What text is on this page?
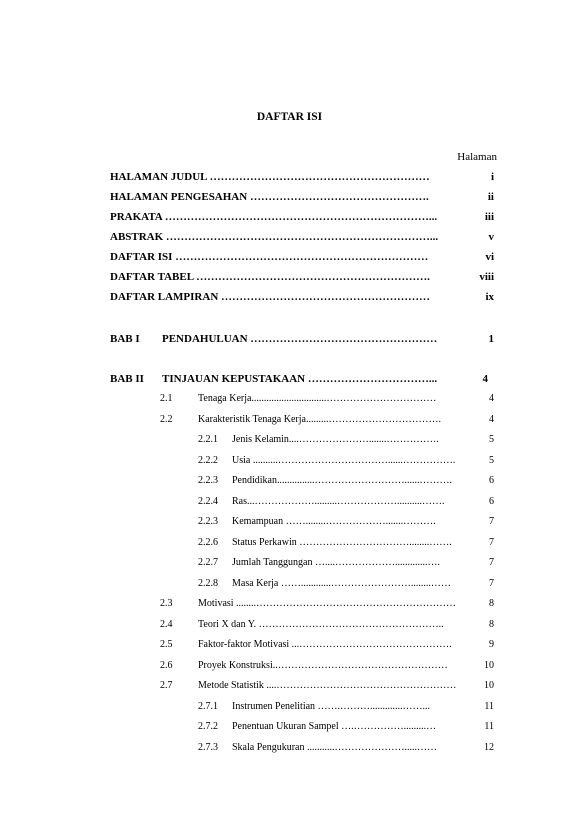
DAFTAR ISI
Halaman
HALAMAN JUDUL ……………………………………………………	i
HALAMAN PENGESAHAN ………………………………………….	ii
PRAKATA ………………………………………………………………...	iii
ABSTRAK ………………………………………………………………...	v
DAFTAR ISI ……………………………………………………………	vi
DAFTAR TABEL ……………………………………………………….	viii
DAFTAR LAMPIRAN …………………………………………………	ix
BAB I PENDAHULUAN ……………………………………………	1
BAB II TINJAUAN KEPUSTAKAAN ……………………………...	4
2.1	Tenaga Kerja..............................……………………………	4
2.2	Karakteristik Tenaga Kerja.........…………………………….	4
2.2.1 Jenis Kelamin....………………….......…………….	5
2.2.2 Usia ..........……………………………......…………….	5
2.2.3 Pendidikan...............………………………......……….	6
2.2.4 Ras...……………….........………………..........…….	6
2.2.3 Kemampuan ……........……………….......……….	7
2.2.6 Status Perkawin ……………………………........…….	7
2.2.7 Jumlah Tanggungan …....……………….............….	7
2.2.8 Masa Kerja ……............……………………........……	7
2.3	Motivasi ........……………………………………………………	8
2.4	Teori X dan Y. ………………………………………………..	8
2.5	Faktor-faktor Motivasi ...……………………………………….	9
2.6	Proyek Konstruksi..……………………………………………	10
2.7	Metode Statistik ....………………………………………………	10
2.7.1 Instrumen Penelitian …….……….............……...	11
2.7.2 Penentuan Ukuran Sampel ….…………….........…	11
2.7.3 Skala Pengukuran ...........………………….....……	12
